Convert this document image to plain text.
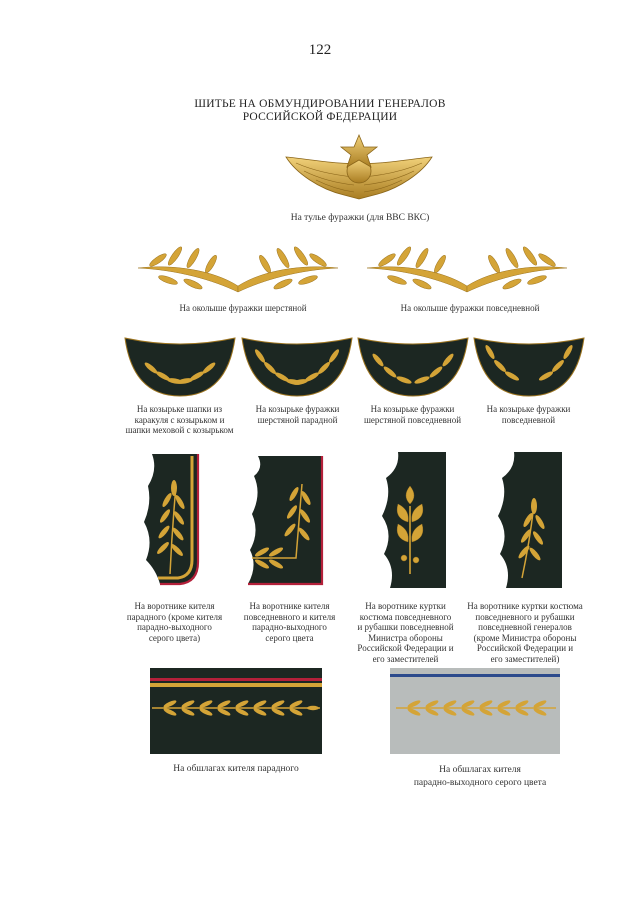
122
ШИТЬЕ НА ОБМУНДИРОВАНИИ ГЕНЕРАЛОВ
РОССИЙСКОЙ ФЕДЕРАЦИИ
На тулье фуражки (для ВВС ВКС)
На околыше фуражки шерстяной	На околыше фуражки повседневной
На козырьке шапки из
каракуля с козырьком и
шапки меховой с козырьком
На козырьке фуражки
шерстяной парадной
На козырьке фуражки
шерстяной повседневной
На козырьке фуражки
повседневной
На воротнике кителя
парадного (кроме кителя
парадно-выходного
серого цвета)
На воротнике кителя
повседневного и кителя
парадно-выходного
серого цвета
На воротнике куртки
костюма повседневного
и рубашки повседневной
Министра обороны
Российской Федерации и
его заместителей
На воротнике куртки костюма
повседневного и рубашки
повседневной генералов
(кроме Министра обороны
Российской Федерации и
его заместителей)
На обшлагах кителя парадного	На обшлагах кителя
парадно-выходного серого цвета
